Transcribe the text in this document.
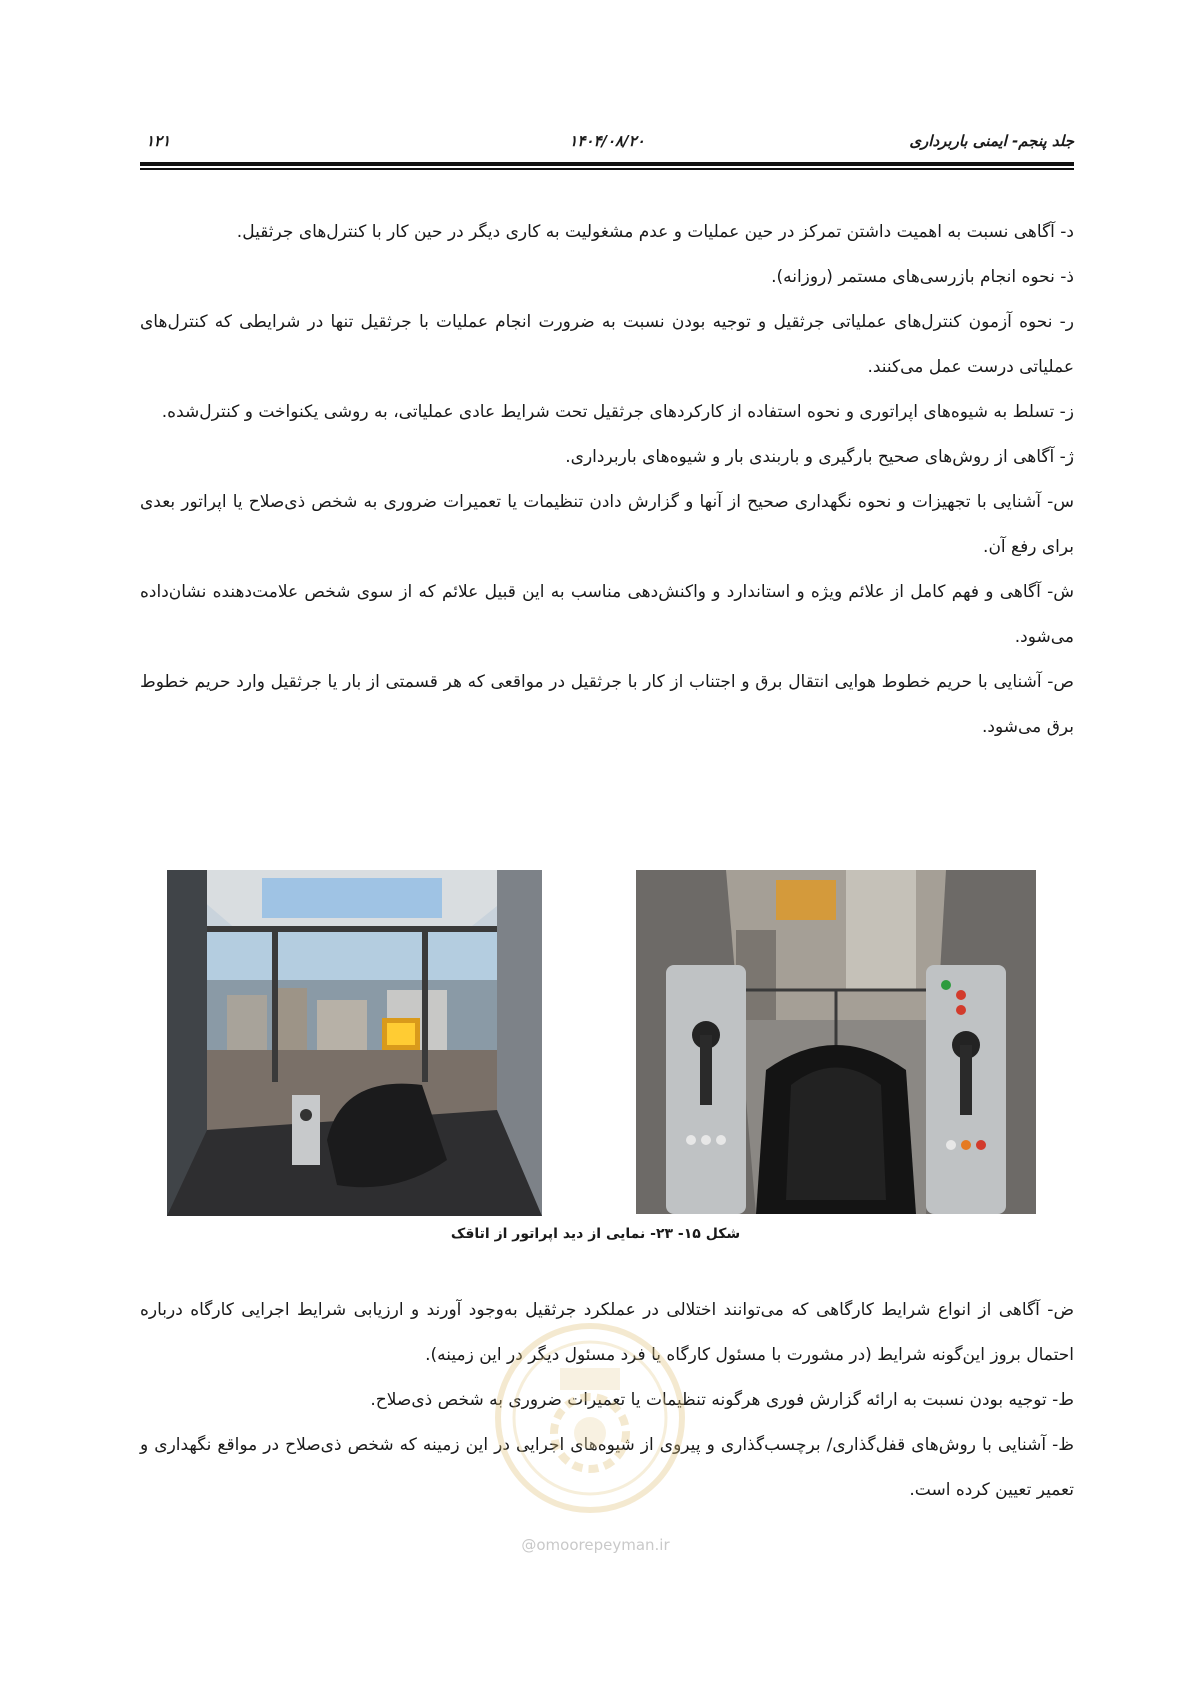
جلد پنجم- ایمنی باربرداری
۱۴۰۴/۰۸/۲۰
۱۲۱

د- آگاهی نسبت به اهمیت داشتن تمرکز در حین عملیات و عدم مشغولیت به کاری دیگر در حین کار با کنترل‌های جرثقیل.

ذ- نحوه انجام بازرسی‌های مستمر (روزانه).

ر- نحوه آزمون کنترل‌های عملیاتی جرثقیل و توجیه بودن نسبت به ضرورت انجام عملیات با جرثقیل تنها در شرایطی که کنترل‌های عملیاتی درست عمل می‌کنند.

ز- تسلط به شیوه‌های اپراتوری و نحوه استفاده از کارکردهای جرثقیل تحت شرایط عادی عملیاتی، به روشی یکنواخت و کنترل‌شده.

ژ- آگاهی از روش‌های صحیح بارگیری و باربندی بار و شیوه‌های باربرداری.

س- آشنایی با تجهیزات و نحوه نگهداری صحیح از آنها و گزارش دادن تنظیمات یا تعمیرات ضروری به شخص ذی‌صلاح یا اپراتور بعدی برای رفع آن.

ش- آگاهی و فهم کامل از علائم ویژه و استاندارد و واکنش‌دهی مناسب به این قبیل علائم که از سوی شخص علامت‌دهنده نشان‌داده می‌شود.

ص- آشنایی با حریم خطوط هوایی انتقال برق و اجتناب از کار با جرثقیل در مواقعی که هر قسمتی از بار یا جرثقیل وارد حریم خطوط برق می‌شود.

شکل ۱۵- ۲۳- نمایی از دید اپراتور از اتاقک

ض- آگاهی از انواع شرایط کارگاهی که می‌توانند اختلالی در عملکرد جرثقیل به‌وجود آورند و ارزیابی شرایط اجرایی کارگاه درباره احتمال بروز این‌گونه شرایط (در مشورت با مسئول کارگاه یا فرد مسئول دیگر در این زمینه).

ط- توجیه بودن نسبت به ارائه گزارش فوری هرگونه تنظیمات یا تعمیرات ضروری به شخص ذی‌صلاح.

ظ- آشنایی با روش‌های قفل‌گذاری/ برچسب‌گذاری و پیروی از شیوه‌های اجرایی در این زمینه که شخص ذی‌صلاح در مواقع نگهداری و تعمیر تعیین کرده است.

@omoorepeyman.ir
